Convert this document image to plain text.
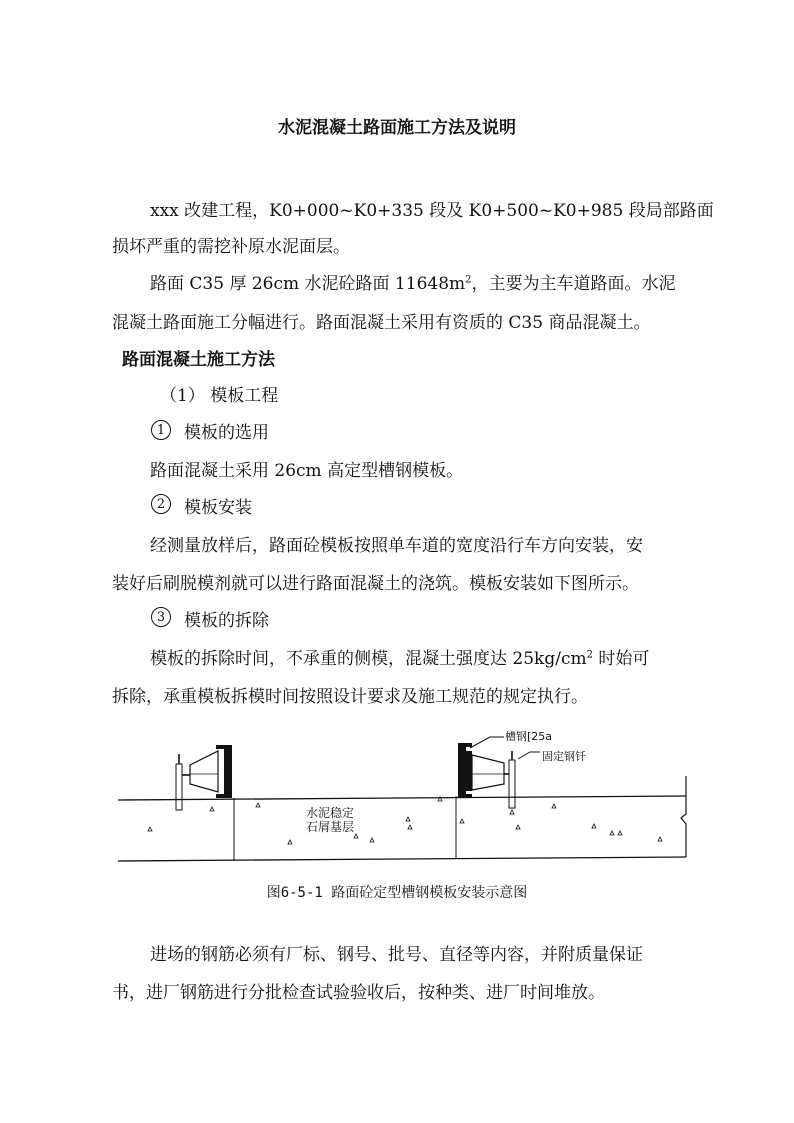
水泥混凝土路面施工方法及说明
xxx 改建工程，K0+000~K0+335 段及 K0+500~K0+985 段局部路面
损坏严重的需挖补原水泥面层。
路面 C35 厚 26cm 水泥砼路面 $11648m^2$，主要为主车道路面。水泥
混凝土路面施工分幅进行。路面混凝土采用有资质的 C35 商品混凝土。
路面混凝土施工方法
（1） 模板工程
1	模板的选用
路面混凝土采用 26cm 高定型槽钢模板。
2	模板安装
经测量放样后，路面砼模板按照单车道的宽度沿行车方向安装，安
装好后刷脱模剂就可以进行路面混凝土的浇筑。模板安装如下图所示。
3	模板的拆除
模板的拆除时间，不承重的侧模，混凝土强度达 $25kg/cm^2$ 时始可
拆除，承重模板拆模时间按照设计要求及施工规范的规定执行。
槽钢[25a
固定钢钎
水泥稳定
石屑基层
图6-5-1 路面砼定型槽钢模板安装示意图
进场的钢筋必须有厂标、钢号、批号、直径等内容，并附质量保证
书，进厂钢筋进行分批检查试验验收后，按种类、进厂时间堆放。
